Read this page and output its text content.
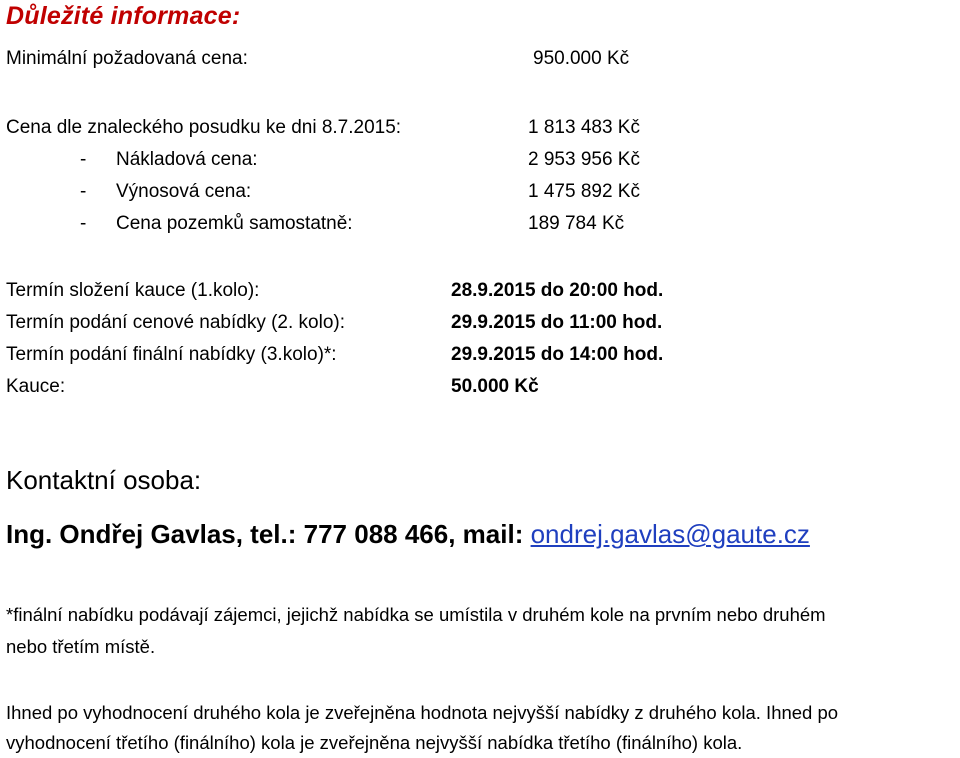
Důležité informace:
Minimální požadovaná cena:	950.000 Kč
Cena dle znaleckého posudku ke dni 8.7.2015:	1 813 483 Kč
- Nákladová cena:	2 953 956 Kč
- Výnosová cena:	1 475 892 Kč
- Cena pozemků samostatně:	189 784 Kč
Termín složení kauce (1.kolo):	28.9.2015 do 20:00 hod.
Termín podání cenové nabídky (2. kolo):	29.9.2015 do 11:00 hod.
Termín podání finální nabídky (3.kolo)*:	29.9.2015 do 14:00 hod.
Kauce:	50.000 Kč
Kontaktní osoba:
Ing. Ondřej Gavlas, tel.: 777 088 466, mail: ondrej.gavlas@gaute.cz
*finální nabídku podávají zájemci, jejichž nabídka se umístila v druhém kole na prvním nebo druhém
nebo třetím místě.
Ihned po vyhodnocení druhého kola je zveřejněna hodnota nejvyšší nabídky z druhého kola. Ihned po
vyhodnocení třetího (finálního) kola je zveřejněna nejvyšší nabídka třetího (finálního) kola.
